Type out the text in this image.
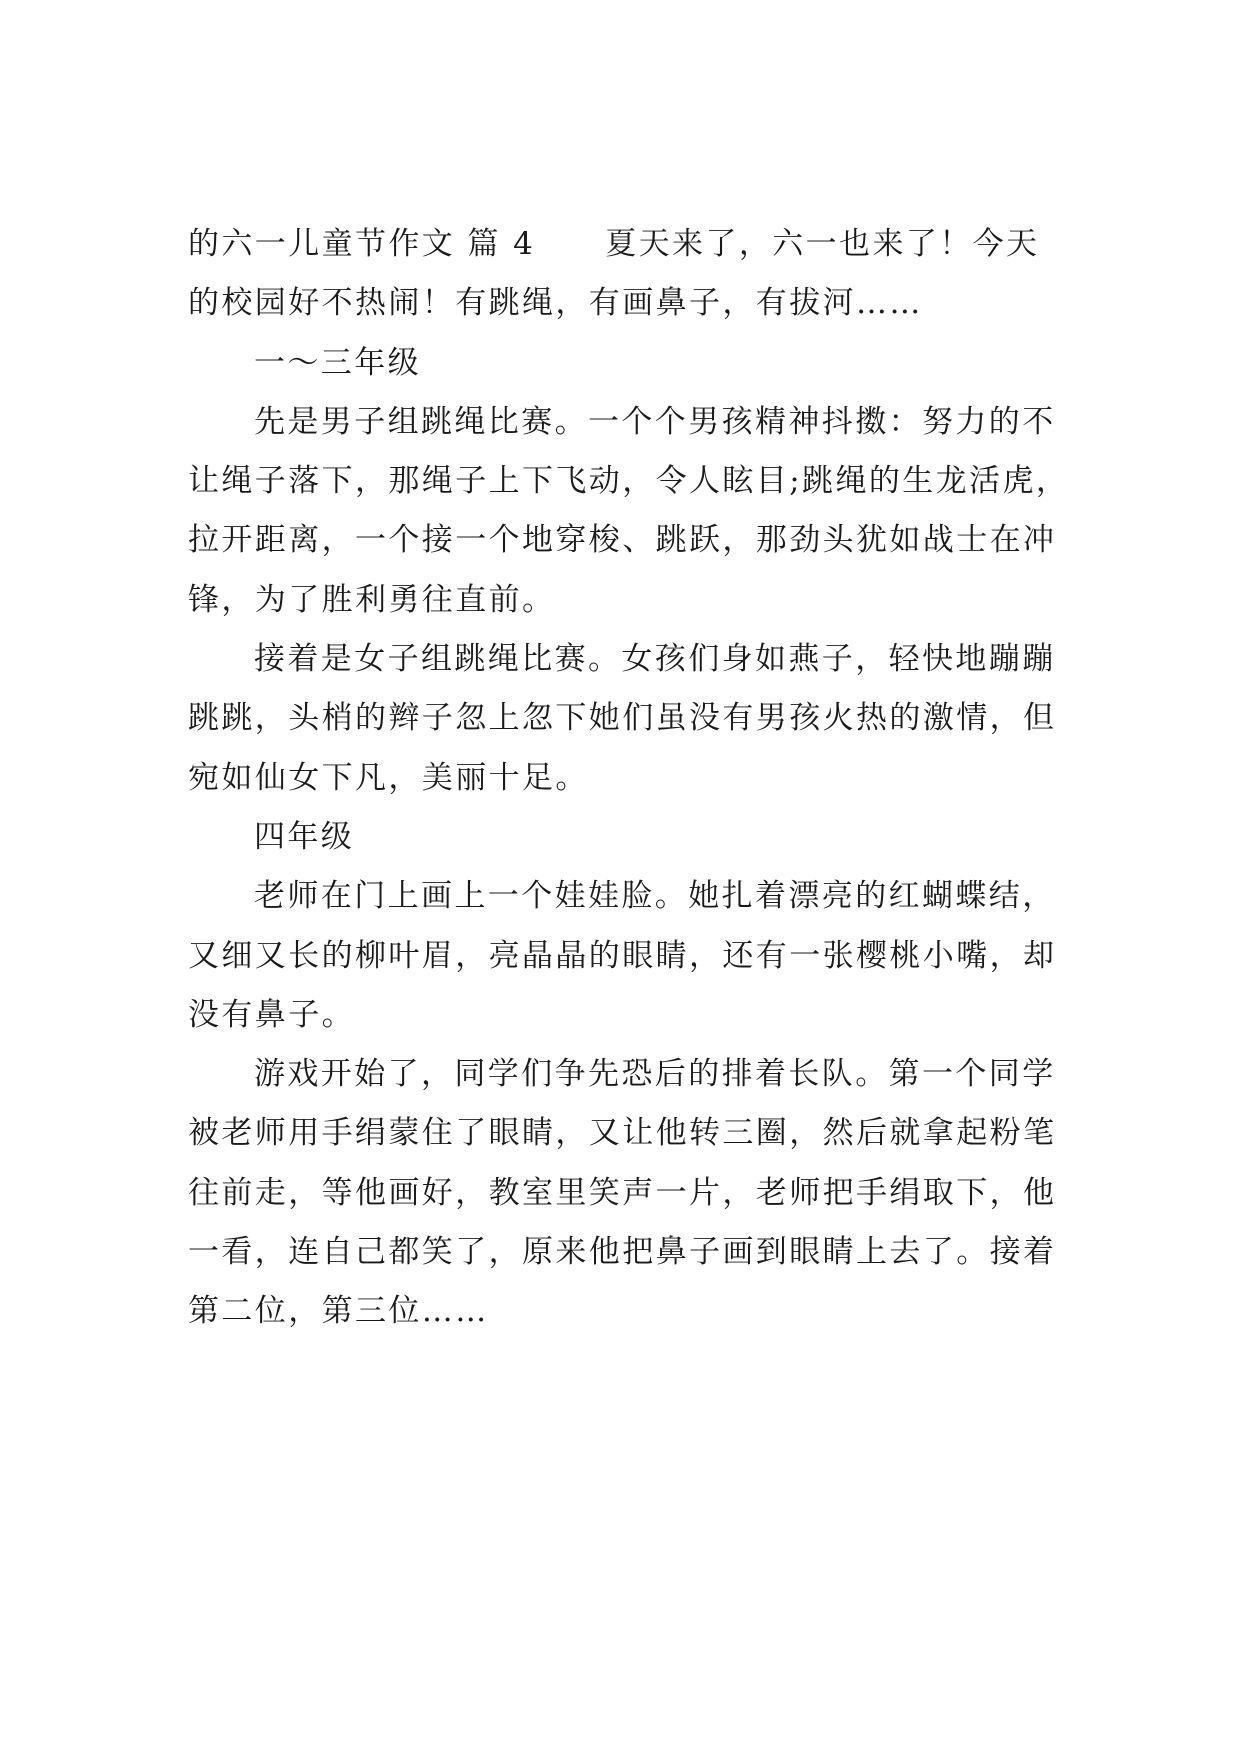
的六一儿童节作文 篇 4 夏天来了，六一也来了！今天
的校园好不热闹！有跳绳，有画鼻子，有拔河……
一～三年级
先是男子组跳绳比赛。一个个男孩精神抖擞：努力的不
让绳子落下，那绳子上下飞动，令人眩目;跳绳的生龙活虎，
拉开距离，一个接一个地穿梭、跳跃，那劲头犹如战士在冲
锋，为了胜利勇往直前。
接着是女子组跳绳比赛。女孩们身如燕子，轻快地蹦蹦
跳跳，头梢的辫子忽上忽下她们虽没有男孩火热的激情，但
宛如仙女下凡，美丽十足。
四年级
老师在门上画上一个娃娃脸。她扎着漂亮的红蝴蝶结，
又细又长的柳叶眉，亮晶晶的眼睛，还有一张樱桃小嘴，却
没有鼻子。
游戏开始了，同学们争先恐后的排着长队。第一个同学
被老师用手绢蒙住了眼睛，又让他转三圈，然后就拿起粉笔
往前走，等他画好，教室里笑声一片，老师把手绢取下，他
一看，连自己都笑了，原来他把鼻子画到眼睛上去了。接着
第二位，第三位……
